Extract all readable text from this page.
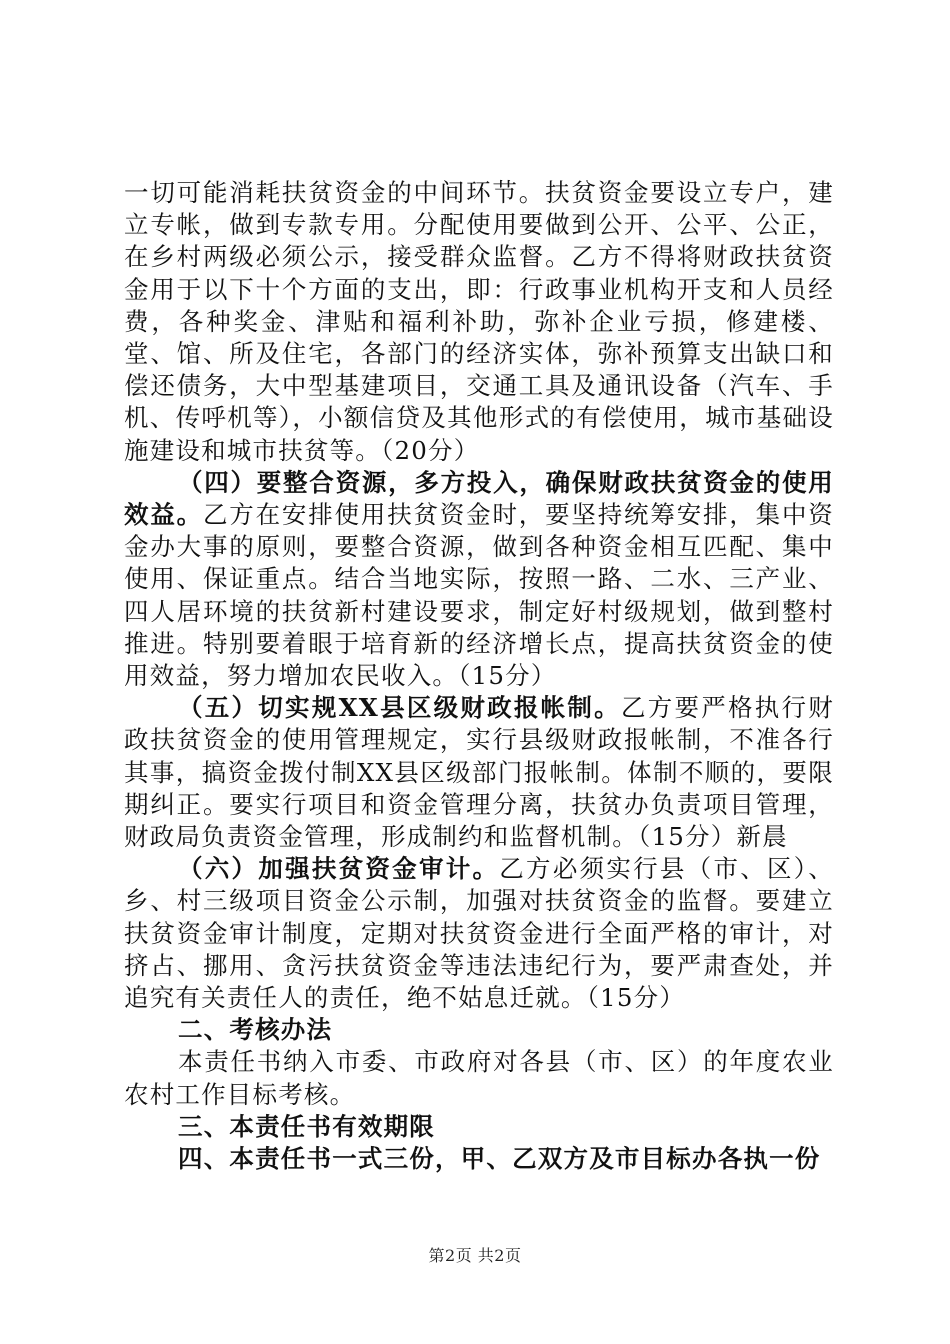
一切可能消耗扶贫资金的中间环节。扶贫资金要设立专户，建立专帐，做到专款专用。分配使用要做到公开、公平、公正，在乡村两级必须公示，接受群众监督。乙方不得将财政扶贫资金用于以下十个方面的支出，即：行政事业机构开支和人员经费，各种奖金、津贴和福利补助，弥补企业亏损，修建楼、堂、馆、所及住宅，各部门的经济实体，弥补预算支出缺口和偿还债务，大中型基建项目，交通工具及通讯设备（汽车、手机、传呼机等），小额信贷及其他形式的有偿使用，城市基础设施建设和城市扶贫等。（20分）

（四）要整合资源，多方投入，确保财政扶贫资金的使用效益。乙方在安排使用扶贫资金时，要坚持统筹安排，集中资金办大事的原则，要整合资源，做到各种资金相互匹配、集中使用、保证重点。结合当地实际，按照一路、二水、三产业、四人居环境的扶贫新村建设要求，制定好村级规划，做到整村推进。特别要着眼于培育新的经济增长点，提高扶贫资金的使用效益，努力增加农民收入。（15分）

（五）切实规XX县区级财政报帐制。乙方要严格执行财政扶贫资金的使用管理规定，实行县级财政报帐制，不准各行其事，搞资金拨付制XX县区级部门报帐制。体制不顺的，要限期纠正。要实行项目和资金管理分离，扶贫办负责项目管理，财政局负责资金管理，形成制约和监督机制。（15分）新晨

（六）加强扶贫资金审计。乙方必须实行县（市、区）、乡、村三级项目资金公示制，加强对扶贫资金的监督。要建立扶贫资金审计制度，定期对扶贫资金进行全面严格的审计，对挤占、挪用、贪污扶贫资金等违法违纪行为，要严肃查处，并追究有关责任人的责任，绝不姑息迁就。（15分）

二、考核办法

本责任书纳入市委、市政府对各县（市、区）的年度农业农村工作目标考核。

三、本责任书有效期限

四、本责任书一式三份，甲、乙双方及市目标办各执一份

第2页 共2页
